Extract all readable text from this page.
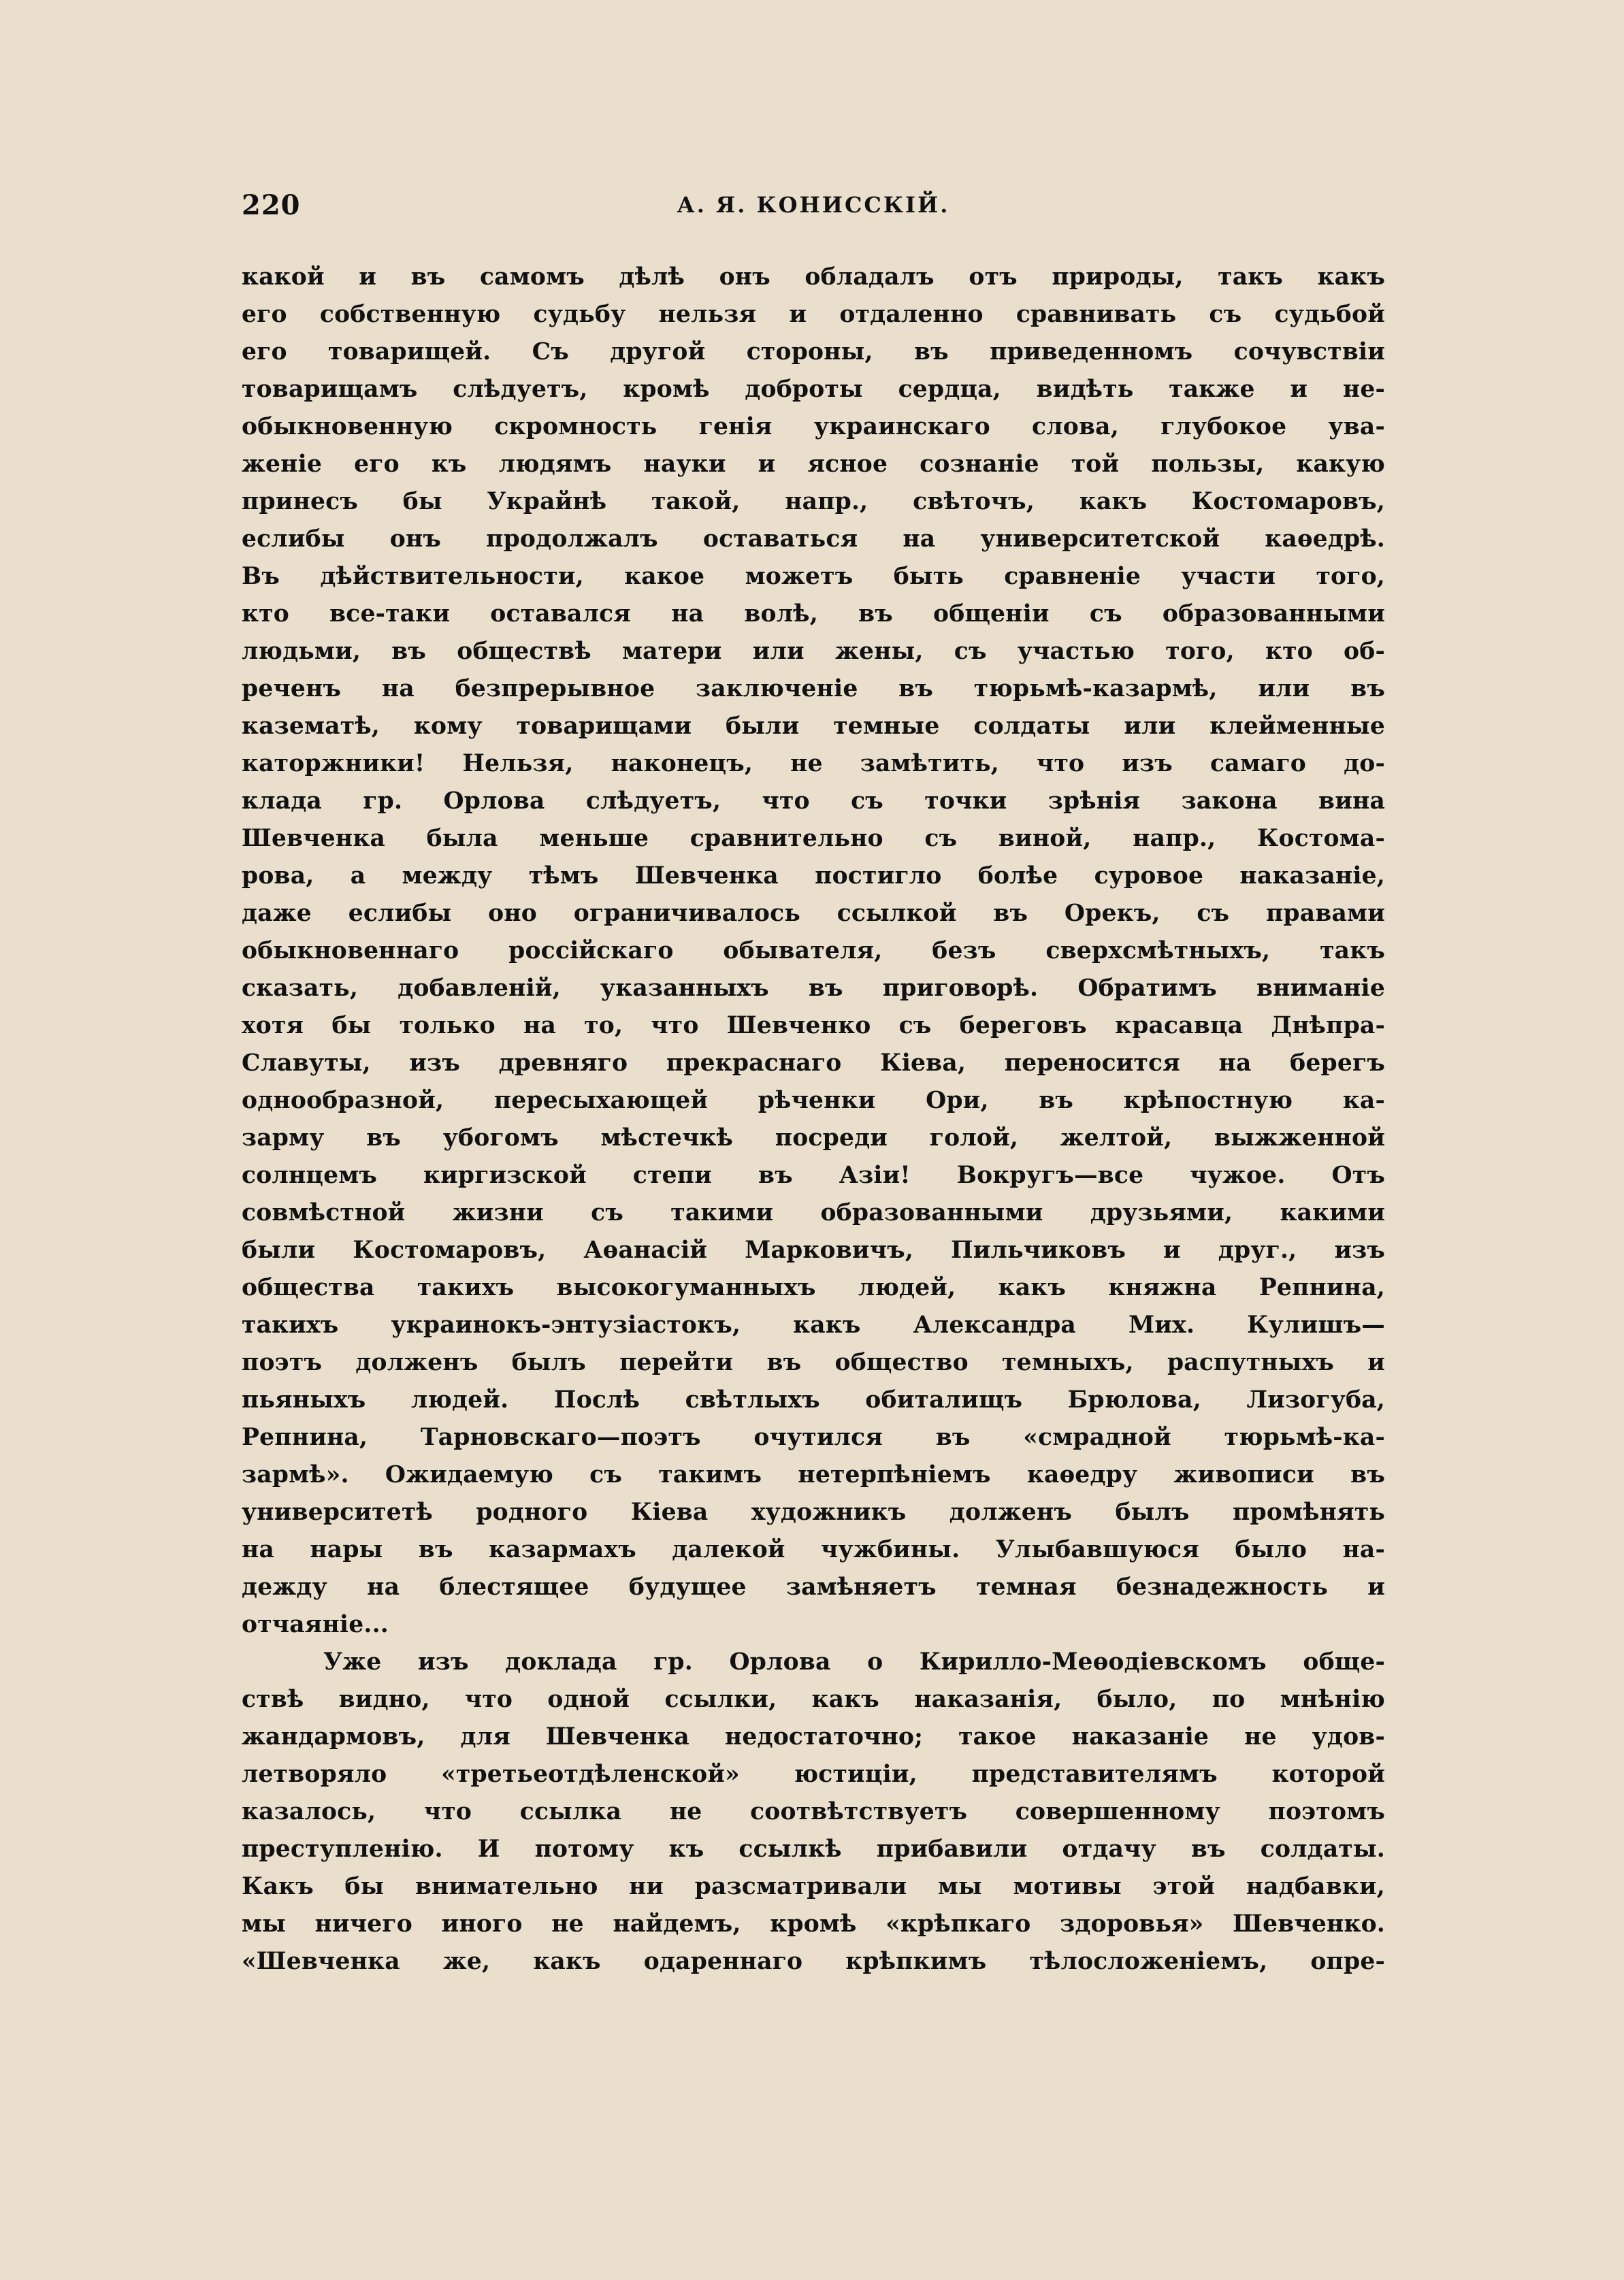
220	А. Я. КОНИССКІЙ.
какой и въ самомъ дѣлѣ онъ обладалъ отъ природы, такъ какъ
его собственную судьбу нельзя и отдаленно сравнивать съ судьбой
его товарищей. Съ другой стороны, въ приведенномъ сочувствіи
товарищамъ слѣдуетъ, кромѣ доброты сердца, видѣть также и не-
обыкновенную скромность генія украинскаго слова, глубокое ува-
женіе его къ людямъ науки и ясное сознаніе той пользы, какую
принесъ бы Украйнѣ такой, напр., свѣточъ, какъ Костомаровъ,
еслибы онъ продолжалъ оставаться на университетской каѳедрѣ.
Въ дѣйствительности, какое можетъ быть сравненіе участи того,
кто все-таки оставался на волѣ, въ общеніи съ образованными
людьми, въ обществѣ матери или жены, съ участью того, кто об-
реченъ на безпрерывное заключеніе въ тюрьмѣ-казармѣ, или въ
казематѣ, кому товарищами были темные солдаты или клейменные
каторжники! Нельзя, наконецъ, не замѣтить, что изъ самаго до-
клада гр. Орлова слѣдуетъ, что съ точки зрѣнія закона вина
Шевченка была меньше сравнительно съ виной, напр., Костома-
рова, а между тѣмъ Шевченка постигло болѣе суровое наказаніе,
даже еслибы оно ограничивалось ссылкой въ Орекъ, съ правами
обыкновеннаго россійскаго обывателя, безъ сверхсмѣтныхъ, такъ
сказать, добавленій, указанныхъ въ приговорѣ. Обратимъ вниманіе
хотя бы только на то, что Шевченко съ береговъ красавца Днѣпра-
Славуты, изъ древняго прекраснаго Кіева, переносится на берегъ
однообразной, пересыхающей рѣченки Ори, въ крѣпостную ка-
зарму въ убогомъ мѣстечкѣ посреди голой, желтой, выжженной
солнцемъ киргизской степи въ Азіи! Вокругъ—все чужое. Отъ
совмѣстной жизни съ такими образованными друзьями, какими
были Костомаровъ, Аѳанасій Марковичъ, Пильчиковъ и друг., изъ
общества такихъ высокогуманныхъ людей, какъ княжна Репнина,
такихъ украинокъ-энтузіастокъ, какъ Александра Мих. Кулишъ—
поэтъ долженъ былъ перейти въ общество темныхъ, распутныхъ и
пьяныхъ людей. Послѣ свѣтлыхъ обиталищъ Брюлова, Лизогуба,
Репнина, Тарновскаго—поэтъ очутился въ «смрадной тюрьмѣ-ка-
зармѣ». Ожидаемую съ такимъ нетерпѣніемъ каѳедру живописи въ
университетѣ родного Кіева художникъ долженъ былъ промѣнять
на нары въ казармахъ далекой чужбины. Улыбавшуюся было на-
дежду на блестящее будущее замѣняетъ темная безнадежность и
отчаяніе...
Уже изъ доклада гр. Орлова о Кирилло-Меѳодіевскомъ обще-
ствѣ видно, что одной ссылки, какъ наказанія, было, по мнѣнію
жандармовъ, для Шевченка недостаточно; такое наказаніе не удов-
летворяло «третьеотдѣленской» юстиціи, представителямъ которой
казалось, что ссылка не соотвѣтствуетъ совершенному поэтомъ
преступленію. И потому къ ссылкѣ прибавили отдачу въ солдаты.
Какъ бы внимательно ни разсматривали мы мотивы этой надбавки,
мы ничего иного не найдемъ, кромѣ «крѣпкаго здоровья» Шевченко.
«Шевченка же, какъ одареннаго крѣпкимъ тѣлосложеніемъ, опре-
